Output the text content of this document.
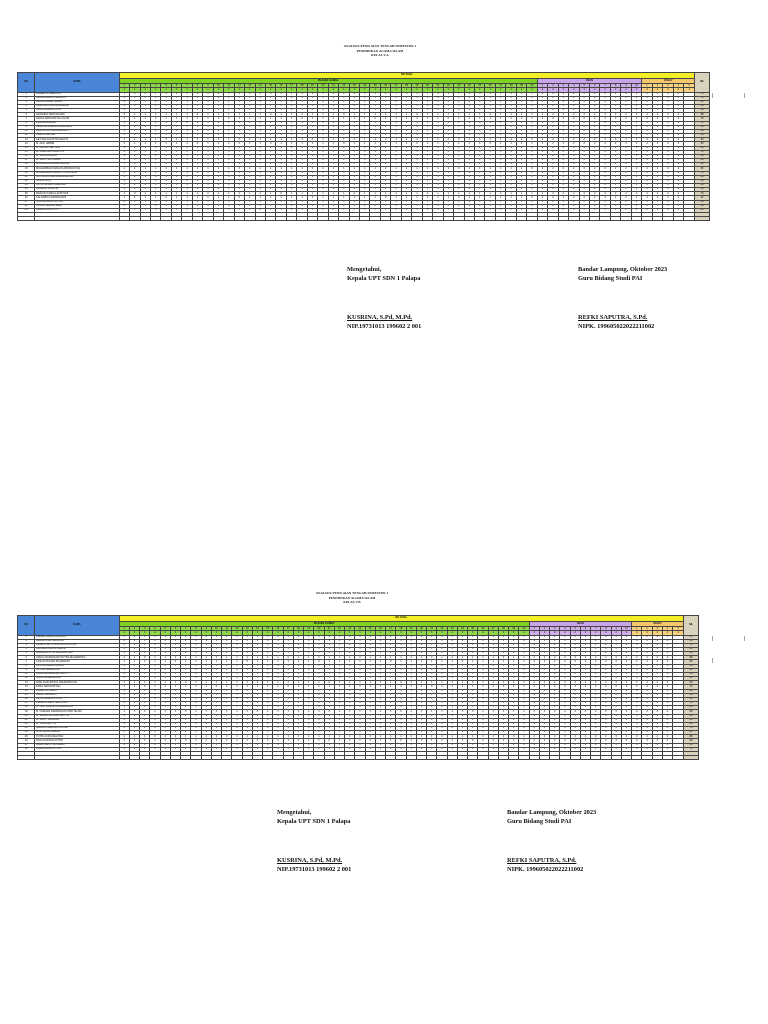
ANALISIS PENILAIAN TENGAH SEMESTER 1
PENDIDIKAN AGAMA ISLAM
KELAS V.A
NO	NAMA	NO SOAL																																																							NIL
		PILIHAN GANDA																																								ISIAN										ESSAY					
		1	2	3	4	5	6	7	8	9	10	11	12	13	14	15	16	17	18	19	20	21	22	23	24	25	26	27	28	29	30	31	32	33	34	35	36	37	38	39	40	1	2	3	4	5	6	7	8	9	10	1	2	3	4	5	
		1	1	1	1	1	1	1	1	1	1	1	1	1	1	1	1	1	1	1	1	1	1	1	1	1	1	1	1	1	1	1	1	1	1	1	1	1	1	1	1	2	2	2	2	2	2	2	2	2	2	4	4	4	4	4	
1	AGNESYA SHIDAYAT	1	1	1	1	1	1	0	1	1	1	1	1	1	0	1	1	1	1	1	1	0	1	1	1	1	1	1	0	1	1	1	1	1	1	0	1	1	1	1	1	2	2	2	2	2	2	2	2	2	2	4	4	4	4		76
2	AKHILDIRDAN FIRDAUS	1	1	0	1	1	1	1	1	1	0	1	1	1	1	1	1	0	1	1	1	1	1	1	0	1	1	1	1	1	1	0	1	1	1	1	1	1	0	1	1	2	2	2	2	2	2	2	2	2	2	4	4	4	4		76
3	ARKAN FAHIR NAJMI	1	1	1	1	1	0	1	1	1	1	1	1	0	1	1	1	1	1	1	0	1	1	1	1	1	1	0	1	1	1	1	1	1	0	1	1	1	1	1	1	2	2	2	2	2	2	2	2	2	2	4	4	4	4		80
4	AURA MUTIARA ANNDESE	1	0	1	1	1	1	1	1	0	1	1	1	1	1	1	0	1	1	1	1	1	1	0	1	1	1	1	1	1	0	1	1	1	1	1	1	0	1	1	1	2	2	2	2	2	2	2	2	2	2	4	4	4	4		84
5	AZKA RAHMA PUTRI	1	1	1	1	0	1	1	1	1	1	1	0	1	1	1	1	1	1	0	1	1	1	1	1	1	0	1	1	1	1	1	1	0	1	1	1	1	1	1	0	2	2	2	2	2	2	2	2	2	2	4	4	4	4		88
6	AZZAHRA DEWI RAHMI	0	1	1	1	1	1	1	0	1	1	1	1	1	1	0	1	1	1	1	1	1	0	1	1	1	1	1	1	0	1	1	1	1	1	1	0	1	1	1	1	2	2	2	2	2	2	2	2	2	2	4	4	4	4		88
7	DAFFA ARDIANSYAH ALAM	1	1	1	0	1	1	1	1	1	1	0	1	1	1	1	1	1	0	1	1	1	1	1	1	0	1	1	1	1	1	1	0	1	1	1	1	1	1	0	1	2	2	2	2	2	2	2	2	2	2	4	4	4	4		76
8	FARAH ARANDA	1	1	1	1	1	1	0	1	1	1	1	1	1	0	1	1	1	1	1	1	0	1	1	1	1	1	1	0	1	1	1	1	1	1	0	1	1	1	1	1	2	2	2	2	2	2	2	2	2	2	4	4	4	4		72
9	FERDINA ZAHRA RAMADHA P	1	1	0	1	1	1	1	1	1	0	1	1	1	1	1	1	0	1	1	1	1	1	1	0	1	1	1	1	1	1	0	1	1	1	1	1	1	0	1	1	2	2	2	2	2	2	2	2	2	2	4	4	4	4		84
10	HAIKAL FATHURRAHMAN P	1	1	1	1	1	0	1	1	1	1	1	1	0	1	1	1	1	1	1	0	1	1	1	1	1	1	0	1	1	1	1	1	1	0	1	1	1	1	1	1	2	2	2	2	2	2	2	2	2	2	4	4	4	4		80
11	JIHAN PRATIWI	1	0	1	1	1	1	1	1	0	1	1	1	1	1	1	0	1	1	1	1	1	1	0	1	1	1	1	1	1	0	1	1	1	1	1	1	0	1	1	1	2	2	2	2	2	2	2	2	2	2	4	4	4	4		88
12	KEYSHA AGUSTIN MAHYA	1	1	1	1	0	1	1	1	1	1	1	0	1	1	1	1	1	1	0	1	1	1	1	1	1	0	1	1	1	1	1	1	0	1	1	1	1	1	1	0	2	2	2	2	2	2	2	2	2	2	4	4	4	4		92
13	M. ALIF HABIBI	0	1	1	1	1	1	1	0	1	1	1	1	1	1	0	1	1	1	1	1	1	0	1	1	1	1	1	1	0	1	1	1	1	1	1	0	1	1	1	1	2	2	2	2	2	2	2	2	2	2	4	4	4	4		80
14	M. ARKAN SEPTIAN	1	1	1	0	1	1	1	1	1	1	0	1	1	1	1	1	1	0	1	1	1	1	1	1	0	1	1	1	1	1	1	0	1	1	1	1	1	1	0	1	2	2	2	2	2	2	2	2	2	2	4	4	4	4		84
15	M. FAIRUNA PRADITYA	1	1	1	1	1	1	0	1	1	1	1	1	1	0	1	1	1	1	1	1	0	1	1	1	1	1	1	0	1	1	1	1	1	1	0	1	1	1	1	1	2	2	2	2	2	2	2	2	2	2	4	4	4	4		72
16	M. RAKA ANDIKA	1	1	0	1	1	1	1	1	1	0	1	1	1	1	1	1	0	1	1	1	1	1	1	0	1	1	1	1	1	1	0	1	1	1	1	1	1	0	1	1	2	2	2	2	2	2	2	2	2	2	4	4	4	4		88
17	M. RIZKY AL FAHAM	1	1	1	1	1	0	1	1	1	1	1	1	0	1	1	1	1	1	1	0	1	1	1	1	1	1	0	1	1	1	1	1	1	0	1	1	1	1	1	1	2	2	2	2	2	2	2	2	2	2	4	4	4	4		84
18	MAISARAH RAHMA AZIZAH	1	0	1	1	1	1	1	1	0	1	1	1	1	1	1	0	1	1	1	1	1	1	0	1	1	1	1	1	1	0	1	1	1	1	1	1	0	1	1	1	2	2	2	2	2	2	2	2	2	2	4	4	4	4		88
19	MUHAMMAD FARHAN ARDIANSYAH	1	1	1	1	0	1	1	1	1	1	1	0	1	1	1	1	1	1	0	1	1	1	1	1	1	0	1	1	1	1	1	1	0	1	1	1	1	1	1	0	2	2	2	2	2	2	2	2	2	2	4	4	4	4		80
20	MUHAMMAD RIDHO PUTRA ALFA	0	1	1	1	1	1	1	0	1	1	1	1	1	1	0	1	1	1	1	1	1	0	1	1	1	1	1	1	0	1	1	1	1	1	1	0	1	1	1	1	2	2	2	2	2	2	2	2	2	2	4	4	4	4		76
21	NAYSILA DINDA RAMADHANIA	1	1	1	0	1	1	1	1	1	1	0	1	1	1	1	1	1	0	1	1	1	1	1	1	0	1	1	1	1	1	1	0	1	1	1	1	1	1	0	1	2	2	2	2	2	2	2	2	2	2	4	4	4	4		84
22	NURUL AINI	1	1	1	1	1	1	0	1	1	1	1	1	1	0	1	1	1	1	1	1	0	1	1	1	1	1	1	0	1	1	1	1	1	1	0	1	1	1	1	1	2	2	2	2	2	2	2	2	2	2	4	4	4	4		88
23	OKTA NASAH PRADANA	1	1	0	1	1	1	1	1	1	0	1	1	1	1	1	1	0	1	1	1	1	1	1	0	1	1	1	1	1	1	0	1	1	1	1	1	1	0	1	1	2	2	2	2	2	2	2	2	2	2	4	4	4	4		84
24	RAHMAN ALFATIH	1	1	1	1	1	0	1	1	1	1	1	1	0	1	1	1	1	1	1	0	1	1	1	1	1	1	0	1	1	1	1	1	1	0	1	1	1	1	1	1	2	2	2	2	2	2	2	2	2	2	4	4	4	4		80
25	RAIHAN KAMILA AFRIYANI	1	0	1	1	1	1	1	1	0	1	1	1	1	1	1	0	1	1	1	1	1	1	0	1	1	1	1	1	1	0	1	1	1	1	1	1	0	1	1	1	2	2	2	2	2	2	2	2	2	2	4	4	4	4		76
26	SALSABILA RAMADHANI	1	1	1	1	0	1	1	1	1	1	1	0	1	1	1	1	1	1	0	1	1	1	1	1	1	0	1	1	1	1	1	1	0	1	1	1	1	1	1	0	2	2	2	2	2	2	2	2	2	2	4	4	4	4		92
27	SYAKILA ALIYA PUTRI	0	1	1	1	1	1	1	0	1	1	1	1	1	1	0	1	1	1	1	1	1	0	1	1	1	1	1	1	0	1	1	1	1	1	1	0	1	1	1	1	2	2	2	2	2	2	2	2	2	2	4	4	4	4		84
28	TAUFIK NADILA HADI	1	1	1	0	1	1	1	1	1	1	0	1	1	1	1	1	1	0	1	1	1	1	1	1	0	1	1	1	1	1	1	0	1	1	1	1	1	1	0	1	2	2	2	2	2	2	2	2	2	2	4	4	4	4		88
29	ZAHRA NAFISYA P	1	1	1	1	1	1	0	1	1	1	1	1	1	0	1	1	1	1	1	1	0	1	1	1	1	1	1	0	1	1	1	1	1	1	0	1	1	1	1	1	2	2	2	2	2	2	2	2	2	2	4	4	4	4		80

Mengetahui,
Kepala UPT SDN 1 Palapa
KUSRINA, S.Pd, M.Pd.
NIP.19731013 199602 2 001
Bandar Lampung, Oktober 2023
Guru Bidang Studi PAI
REFKI SAPUTRA, S.Pd.
NIPK. 199605022022211002
|	|
ANALISIS PENILAIAN TENGAH SEMESTER 1
PENDIDIKAN AGAMA ISLAM
KELAS V.B
NO	NAMA	NO SOAL																																																							NIL
		PILIHAN GANDA																																								ISIAN										ESSAY					
		1	2	3	4	5	6	7	8	9	10	11	12	13	14	15	16	17	18	19	20	21	22	23	24	25	26	27	28	29	30	31	32	33	34	35	36	37	38	39	40	1	2	3	4	5	6	7	8	9	10	1	2	3	4	5	
		1	1	1	1	1	1	1	1	1	1	1	1	1	1	1	1	1	1	1	1	1	1	1	1	1	1	1	1	1	1	1	1	1	1	1	1	1	1	1	1	2	2	2	2	2	2	2	2	2	2	4	4	4	4	4	
1	AHMAD AKBAR FAUZAN	1	0	1	1	1	1	1	1	0	1	1	1	1	1	1	0	1	1	1	1	1	1	0	1	1	1	1	1	1	0	1	1	1	1	1	1	0	1	1	1	2	2	2	2	2	2	2	2	2	2	4	4	4	4		84
2	AHMAD ZAKI ARIANSA	1	1	1	1	0	1	1	1	1	1	1	0	1	1	1	1	1	1	0	1	1	1	1	1	1	0	1	1	1	1	1	1	0	1	1	1	1	1	1	0	2	2	2	2	2	2	2	2	2	2	4	4	4	4		68
3	ALAMSYAH YUSUF ARYA PUTRA	0	1	1	1	1	1	1	0	1	1	1	1	1	1	0	1	1	1	1	1	1	0	1	1	1	1	1	1	0	1	1	1	1	1	1	0	1	1	1	1	2	2	2	2	2	2	2	2	2	2	4	4	4	4		76
4	ALFINDA NURUL ASRINI	1	1	1	0	1	1	1	1	1	1	0	1	1	1	1	1	1	0	1	1	1	1	1	1	0	1	1	1	1	1	1	0	1	1	1	1	1	1	0	1	2	2	2	2	2	2	2	2	2	2	4	4	4	4		80
5	ANANDA PUTRI ARDIANSYAH	1	1	1	1	1	1	0	1	1	1	1	1	1	0	1	1	1	1	1	1	0	1	1	1	1	1	1	0	1	1	1	1	1	1	0	1	1	1	1	1	2	2	2	2	2	2	2	2	2	2	4	4	4	4		84
6	ANGGI RAMADHAN PUTRA MAHARDIKA	1	1	0	1	1	1	1	1	1	0	1	1	1	1	1	1	0	1	1	1	1	1	1	0	1	1	1	1	1	1	0	1	1	1	1	1	1	0	1	1	2	2	2	2	2	2	2	2	2	2	4	4	4	4		88
7	AQILAH NAURA MAHARANI	1	1	1	1	1	0	1	1	1	1	1	1	0	1	1	1	1	1	1	0	1	1	1	1	1	1	0	1	1	1	1	1	1	0	1	1	1	1	1	1	2	2	2	2	2	2	2	2	2	2	4	4	4	4		80
8	ARSYA ZAHRA FAUZIA	1	0	1	1	1	1	1	1	0	1	1	1	1	1	1	0	1	1	1	1	1	1	0	1	1	1	1	1	1	0	1	1	1	1	1	1	0	1	1	1	2	2	2	2	2	2	2	2	2	2	4	4	4	4		84
9	ASYIFA MAHARANI	1	1	1	1	0	1	1	1	1	1	1	0	1	1	1	1	1	1	0	1	1	1	1	1	1	0	1	1	1	1	1	1	0	1	1	1	1	1	1	0	2	2	2	2	2	2	2	2	2	2	4	4	4	4		80
10	AURA ARINDRA ARYAPUTI	0	1	1	1	1	1	1	0	1	1	1	1	1	1	0	1	1	1	1	1	1	0	1	1	1	1	1	1	0	1	1	1	1	1	1	0	1	1	1	1	2	2	2	2	2	2	2	2	2	2	4	4	4	4		88
11	AURA MAHESWARA	1	1	1	0	1	1	1	1	1	1	0	1	1	1	1	1	1	0	1	1	1	1	1	1	0	1	1	1	1	1	1	0	1	1	1	1	1	1	0	1	2	2	2	2	2	2	2	2	2	2	4	4	4	4		84
12	DIAN KHALIFATUL RAHMANSYAH	1	1	1	1	1	1	0	1	1	1	1	1	1	0	1	1	1	1	1	1	0	1	1	1	1	1	1	0	1	1	1	1	1	1	0	1	1	1	1	1	2	2	2	2	2	2	2	2	2	2	4	4	4	4		80
13	FADIL ARDIANSYAH	1	1	0	1	1	1	1	1	1	0	1	1	1	1	1	1	0	1	1	1	1	1	1	0	1	1	1	1	1	1	0	1	1	1	1	1	1	0	1	1	2	2	2	2	2	2	2	2	2	2	4	4	4	4		72
14	FAREL AL FARIZI	1	1	1	1	1	0	1	1	1	1	1	1	0	1	1	1	1	1	1	0	1	1	1	1	1	1	0	1	1	1	1	1	1	0	1	1	1	1	1	1	2	2	2	2	2	2	2	2	2	2	4	4	4	4		80
15	HANIF NAUFAL P	1	0	1	1	1	1	1	1	0	1	1	1	1	1	1	0	1	1	1	1	1	1	0	1	1	1	1	1	1	0	1	1	1	1	1	1	0	1	1	1	2	2	2	2	2	2	2	2	2	2	4	4	4	4		88
16	KEYLA ZAHRA PUTRI	1	1	1	1	0	1	1	1	1	1	1	0	1	1	1	1	1	1	0	1	1	1	1	1	1	0	1	1	1	1	1	1	0	1	1	1	1	1	1	0	2	2	2	2	2	2	2	2	2	2	4	4	4	4		84
17	KHAIRUL DENI SAPUTRA	0	1	1	1	1	1	1	0	1	1	1	1	1	1	0	1	1	1	1	1	1	0	1	1	1	1	1	1	0	1	1	1	1	1	1	0	1	1	1	1	2	2	2	2	2	2	2	2	2	2	4	4	4	4		76
18	M. ALIF FIRDAUS RAMADHAN	1	1	1	0	1	1	1	1	1	1	0	1	1	1	1	1	1	0	1	1	1	1	1	1	0	1	1	1	1	1	1	0	1	1	1	1	1	1	0	1	2	2	2	2	2	2	2	2	2	2	4	4	4	4		84
19	M. FARHAN RAMADHAN FIKRI ISLAM	1	1	1	1	1	1	0	1	1	1	1	1	1	0	1	1	1	1	1	1	0	1	1	1	1	1	1	0	1	1	1	1	1	1	0	1	1	1	1	1	2	2	2	2	2	2	2	2	2	2	4	4	4	4		80
20	M. RIDHO AL FIKRI ADITYA	1	1	0	1	1	1	1	1	1	0	1	1	1	1	1	1	0	1	1	1	1	1	1	0	1	1	1	1	1	1	0	1	1	1	1	1	1	0	1	1	2	2	2	2	2	2	2	2	2	2	4	4	4	4		88
21	M. RIZKY FAHRANI	1	1	1	1	1	0	1	1	1	1	1	1	0	1	1	1	1	1	1	0	1	1	1	1	1	1	0	1	1	1	1	1	1	0	1	1	1	1	1	1	2	2	2	2	2	2	2	2	2	2	4	4	4	4		84
22	M. TAKA ADITYA	1	0	1	1	1	1	1	1	0	1	1	1	1	1	1	0	1	1	1	1	1	1	0	1	1	1	1	1	1	0	1	1	1	1	1	1	0	1	1	1	2	2	2	2	2	2	2	2	2	2	4	4	4	4		80
23	NADIRA CHELSA PRATIWI	1	1	1	1	0	1	1	1	1	1	1	0	1	1	1	1	1	1	0	1	1	1	1	1	1	0	1	1	1	1	1	1	0	1	1	1	1	1	1	0	2	2	2	2	2	2	2	2	2	2	4	4	4	4		76
24	NUR AQILA FAHIRA	0	1	1	1	1	1	1	0	1	1	1	1	1	1	0	1	1	1	1	1	1	0	1	1	1	1	1	1	0	1	1	1	1	1	1	0	1	1	1	1	2	2	2	2	2	2	2	2	2	2	4	4	4	4		84
25	PUTRI AURA DELFINA	1	1	1	0	1	1	1	1	1	1	0	1	1	1	1	1	1	0	1	1	1	1	1	1	0	1	1	1	1	1	1	0	1	1	1	1	1	1	0	1	2	2	2	2	2	2	2	2	2	2	4	4	4	4		88
26	RAFA NAFISHA PUTRI	1	1	1	1	1	1	0	1	1	1	1	1	1	0	1	1	1	1	1	1	0	1	1	1	1	1	1	0	1	1	1	1	1	1	0	1	1	1	1	1	2	2	2	2	2	2	2	2	2	2	4	4	4	4		80
27	RAMA SAPUTRA RAMA	1	1	0	1	1	1	1	1	1	0	1	1	1	1	1	1	0	1	1	1	1	1	1	0	1	1	1	1	1	1	0	1	1	1	1	1	1	0	1	1	2	2	2	2	2	2	2	2	2	2	4	4	4	4		84
28	ZAHRA AURA PUTRI	1	1	1	1	1	0	1	1	1	1	1	1	0	1	1	1	1	1	1	0	1	1	1	1	1	1	0	1	1	1	1	1	1	0	1	1	1	1	1	1	2	2	2	2	2	2	2	2	2	2	4	4	4	4		76

Mengetahui,
Kepala UPT SDN 1 Palapa
KUSRINA, S.Pd, M.Pd.
NIP.19731013 199602 2 001
Bandar Lampung, Oktober 2023
Guru Bidang Studi PAI
REFKI SAPUTRA, S.Pd.
NIPK. 199605022022211002
|	|
|
